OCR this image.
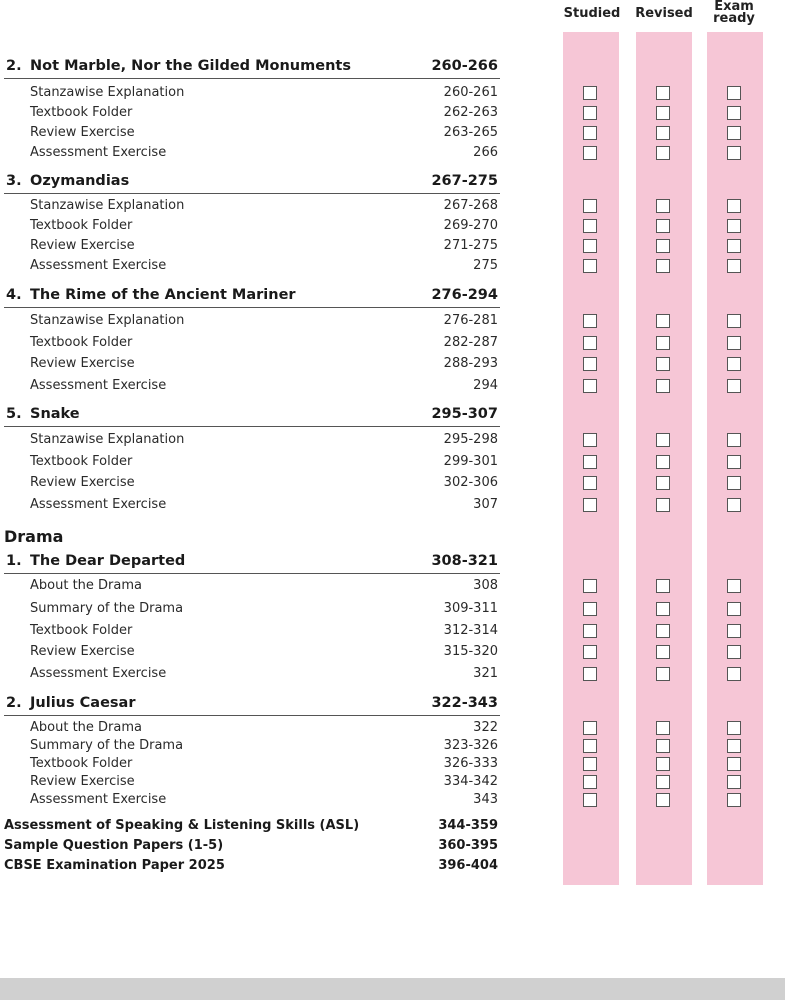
Studied Revised	Exam
ready
2. Not Marble, Nor the Gilded Monuments	260-266
Stanzawise Explanation	260-261
Textbook Folder	262-263
Review Exercise	263-265
Assessment Exercise	266
3. Ozymandias	267-275
Stanzawise Explanation	267-268
Textbook Folder	269-270
Review Exercise	271-275
Assessment Exercise	275
4. The Rime of the Ancient Mariner	276-294
Stanzawise Explanation	276-281
Textbook Folder	282-287
Review Exercise	288-293
Assessment Exercise	294
5. Snake	295-307
Stanzawise Explanation	295-298
Textbook Folder	299-301
Review Exercise	302-306
Assessment Exercise	307
Drama
1. The Dear Departed	308-321
About the Drama	308
Summary of the Drama	309-311
Textbook Folder	312-314
Review Exercise	315-320
Assessment Exercise	321
2. Julius Caesar	322-343
About the Drama	322
Summary of the Drama	323-326
Textbook Folder	326-333
Review Exercise	334-342
Assessment Exercise	343
Assessment of Speaking & Listening Skills (ASL)	344-359
Sample Question Papers (1-5)	360-395
CBSE Examination Paper 2025	396-404
